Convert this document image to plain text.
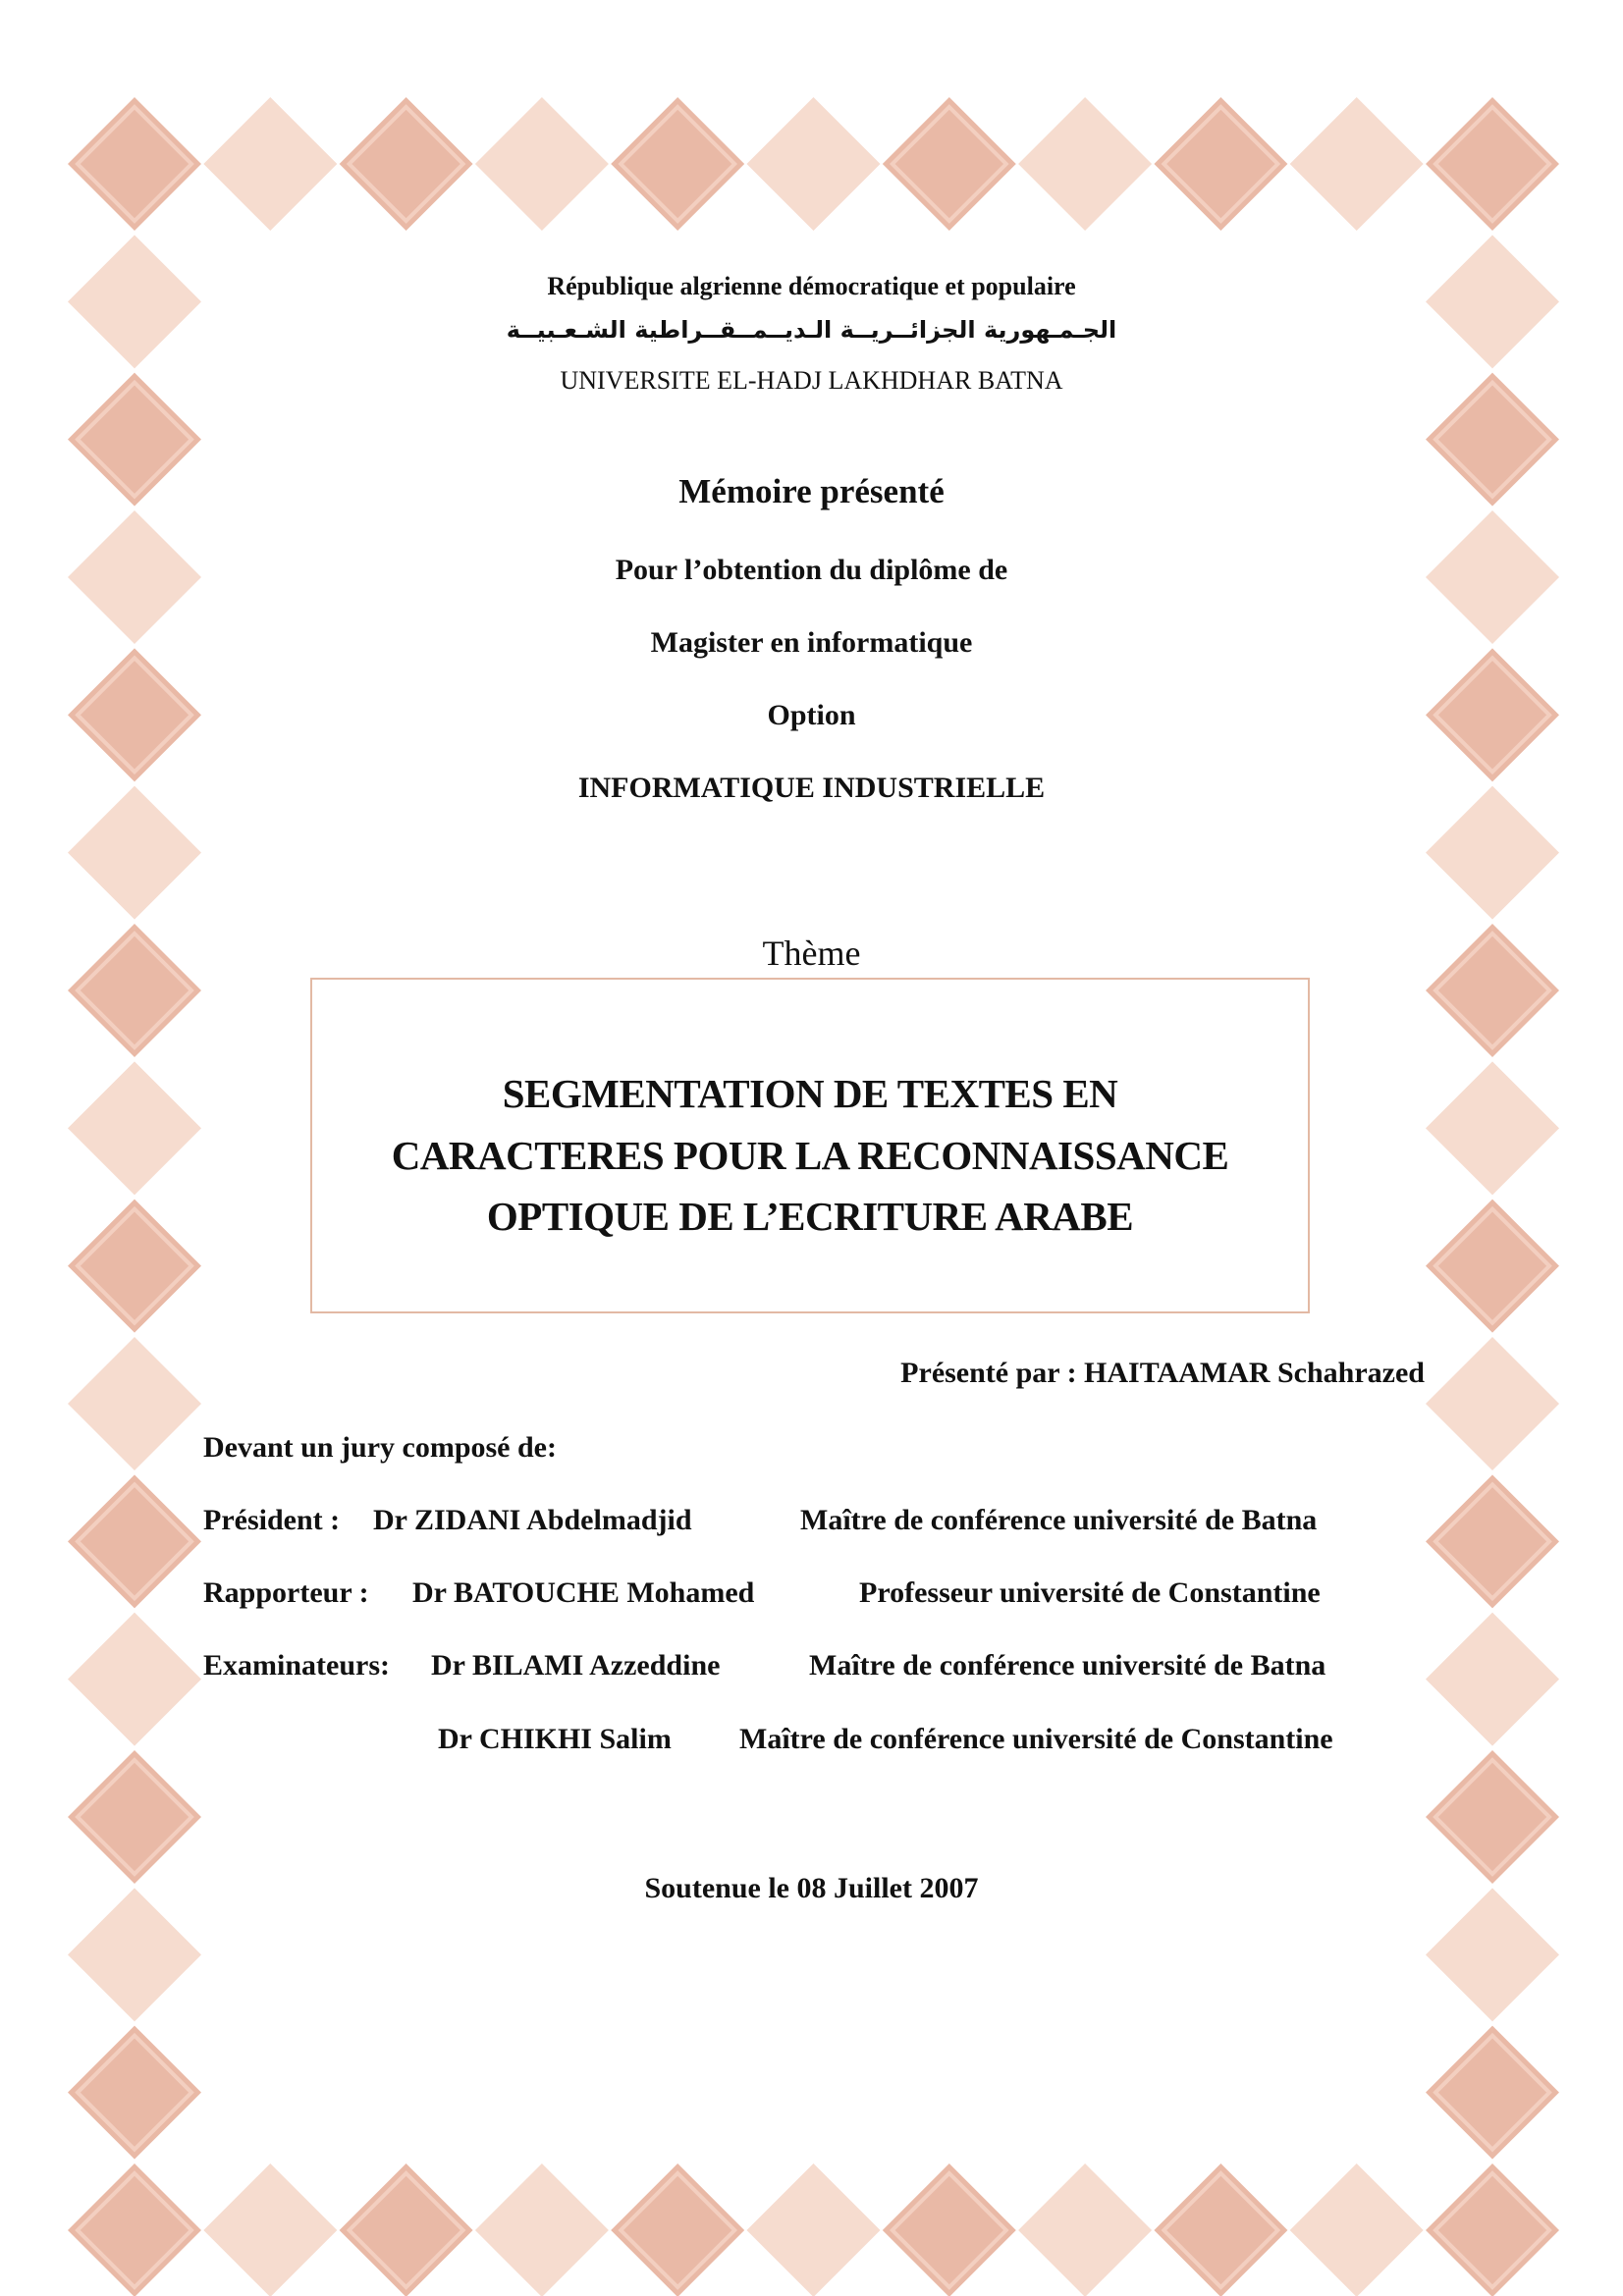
République algrienne démocratique et populaire
الجـمـهورية الجزائــريــة الـديــمــقــراطية الشـعـبيــة
UNIVERSITE EL-HADJ LAKHDHAR BATNA
Mémoire présenté
Pour l’obtention du diplôme de
Magister en informatique
Option
INFORMATIQUE INDUSTRIELLE
Thème
SEGMENTATION DE TEXTES EN
CARACTERES POUR LA RECONNAISSANCE
OPTIQUE DE L’ECRITURE ARABE
Présenté par : HAITAAMAR Schahrazed
Devant un jury composé de:
Président : Dr ZIDANI Abdelmadjid	Maître de conférence université de Batna
Rapporteur : Dr BATOUCHE Mohamed	Professeur université de Constantine
Examinateurs: Dr BILAMI Azzeddine	Maître de conférence université de Batna
Dr CHIKHI Salim Maître de conférence université de Constantine
Soutenue le 08 Juillet 2007
